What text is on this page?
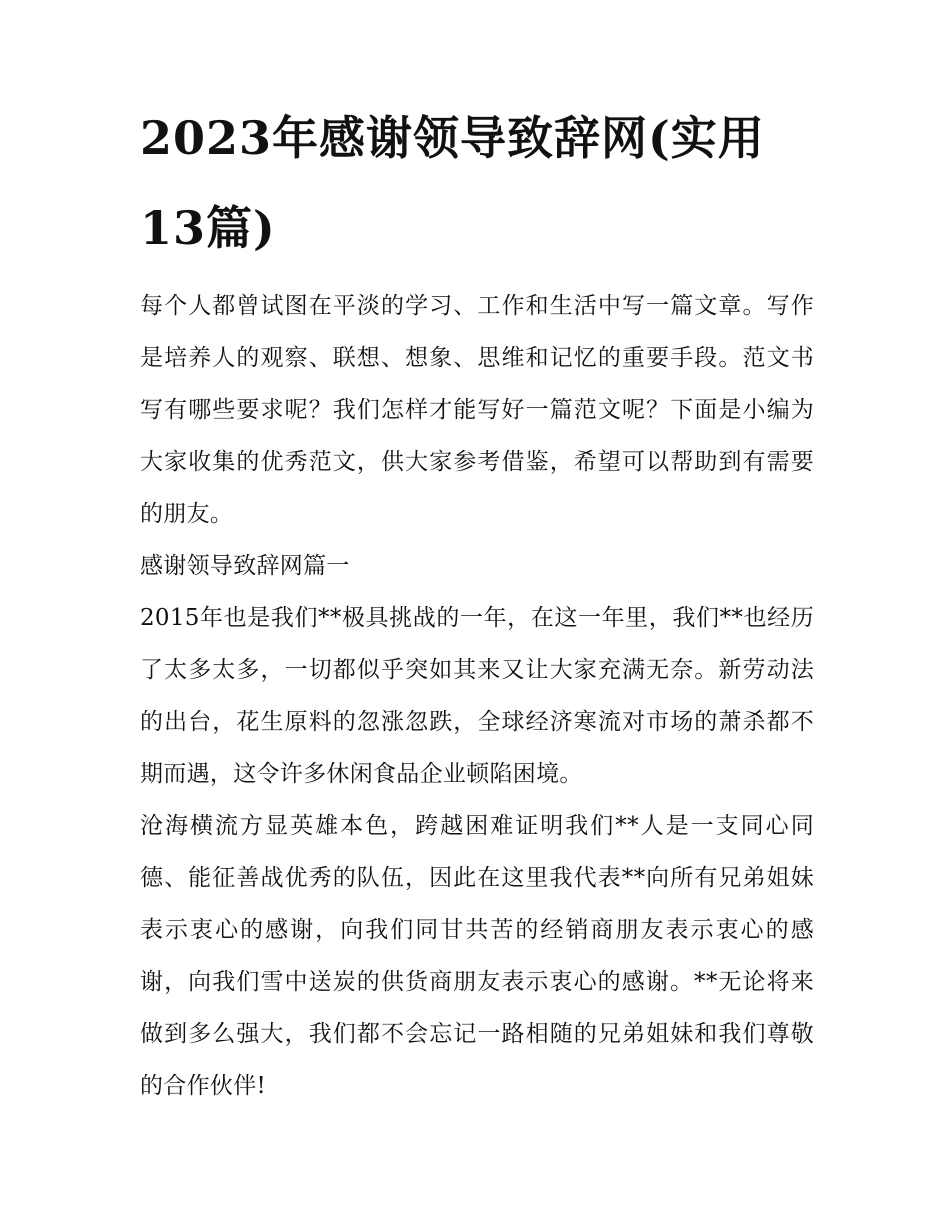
2023年感谢领导致辞网(实用13篇)

每个人都曾试图在平淡的学习、工作和生活中写一篇文章。写作是培养人的观察、联想、想象、思维和记忆的重要手段。范文书写有哪些要求呢？我们怎样才能写好一篇范文呢？下面是小编为大家收集的优秀范文，供大家参考借鉴，希望可以帮助到有需要的朋友。

感谢领导致辞网篇一

2015年也是我们**极具挑战的一年，在这一年里，我们**也经历了太多太多，一切都似乎突如其来又让大家充满无奈。新劳动法的出台，花生原料的忽涨忽跌，全球经济寒流对市场的萧杀都不期而遇，这令许多休闲食品企业顿陷困境。

沧海横流方显英雄本色，跨越困难证明我们**人是一支同心同德、能征善战优秀的队伍，因此在这里我代表**向所有兄弟姐妹表示衷心的感谢，向我们同甘共苦的经销商朋友表示衷心的感谢，向我们雪中送炭的供货商朋友表示衷心的感谢。**无论将来做到多么强大，我们都不会忘记一路相随的兄弟姐妹和我们尊敬的合作伙伴!
